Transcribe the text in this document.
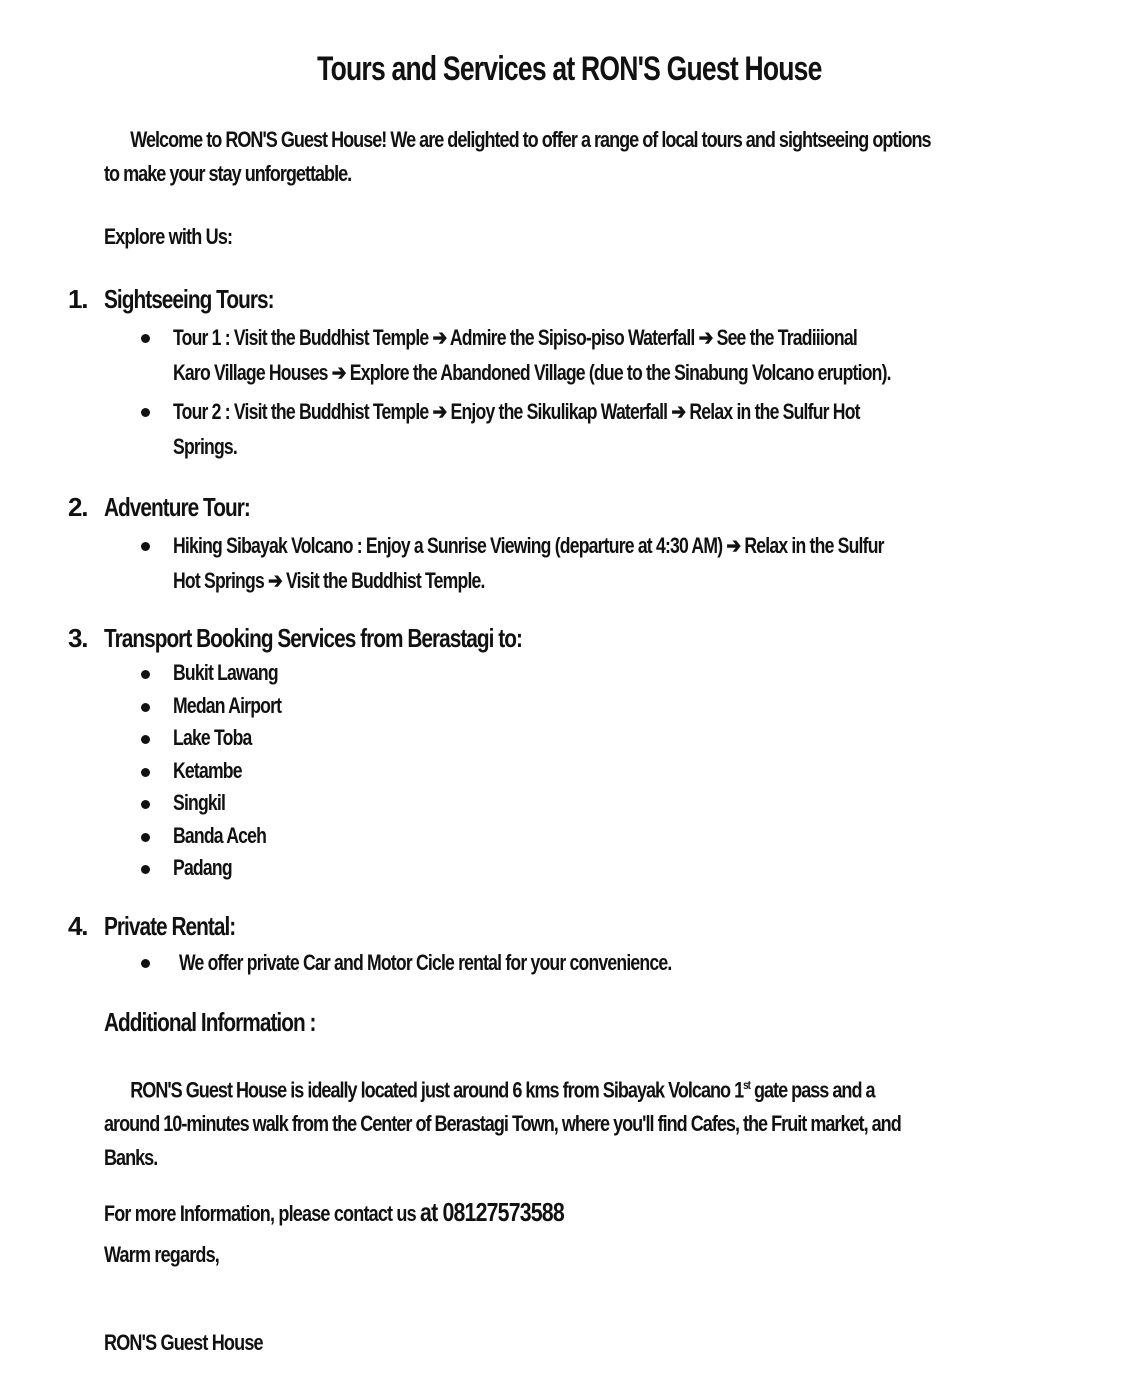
Tours and Services at RON'S Guest House
Welcome to RON'S Guest House! We are delighted to offer a range of local tours and sightseeing options
to make your stay unforgettable.
Explore with Us:
1. Sightseeing Tours:
Tour 1 : Visit the Buddhist Temple ➔ Admire the Sipiso-piso Waterfall ➔ See the Tradiiional
Karo Village Houses ➔ Explore the Abandoned Village (due to the Sinabung Volcano eruption).
Tour 2 : Visit the Buddhist Temple ➔ Enjoy the Sikulikap Waterfall ➔ Relax in the Sulfur Hot
Springs.
2. Adventure Tour:
Hiking Sibayak Volcano : Enjoy a Sunrise Viewing (departure at 4:30 AM) ➔ Relax in the Sulfur
Hot Springs ➔ Visit the Buddhist Temple.
3. Transport Booking Services from Berastagi to:
Bukit Lawang
Medan Airport
Lake Toba
Ketambe
Singkil
Banda Aceh
Padang
4. Private Rental:
We offer private Car and Motor Cicle rental for your convenience.
Additional Information :
RON'S Guest House is ideally located just around 6 kms from Sibayak Volcano 1st gate pass and a
around 10-minutes walk from the Center of Berastagi Town, where you'll find Cafes, the Fruit market, and
Banks.
For more Information, please contact us at 08127573588
Warm regards,
RON'S Guest House
